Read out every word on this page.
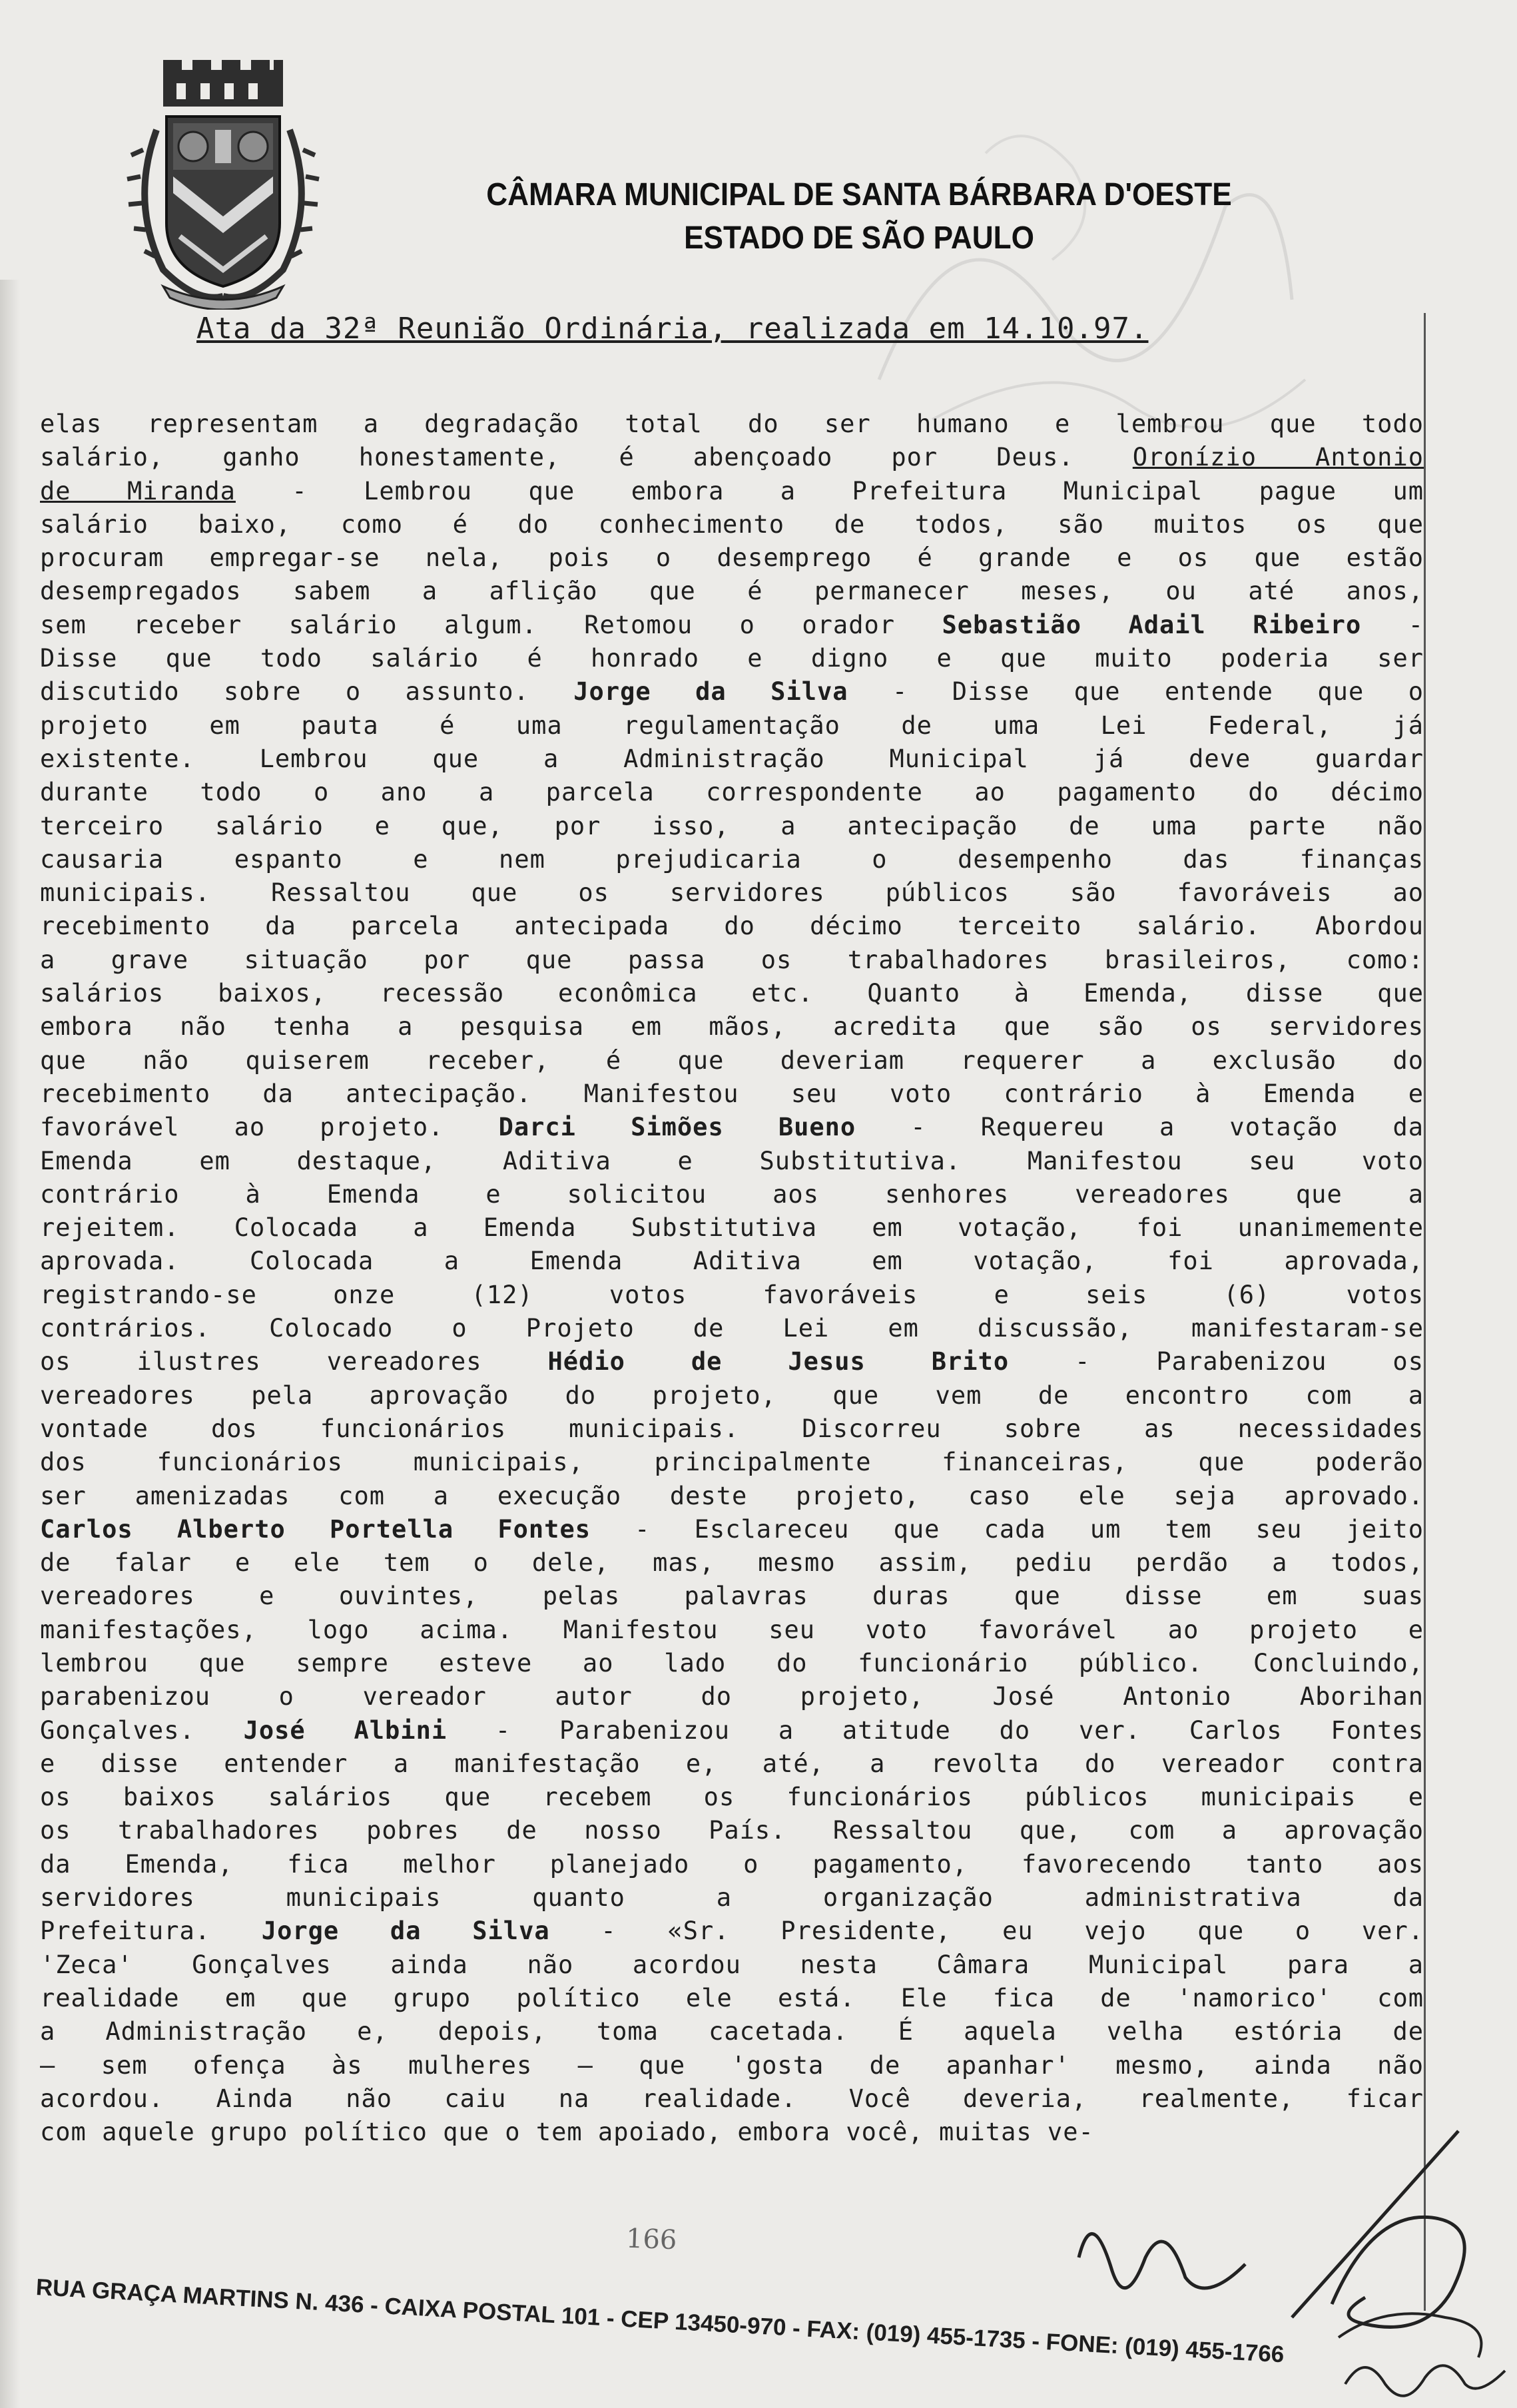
CÂMARA MUNICIPAL DE SANTA BÁRBARA D'OESTE
ESTADO DE SÃO PAULO
Ata da 32ª Reunião Ordinária, realizada em 14.10.97.
elas representam a degradação total do ser humano e lembrou que todo
salário, ganho honestamente, é abençoado por Deus. Oronízio Antonio
de Miranda - Lembrou que embora a Prefeitura Municipal pague um
salário baixo, como é do conhecimento de todos, são muitos os que
procuram empregar-se nela, pois o desemprego é grande e os que estão
desempregados sabem a aflição que é permanecer meses, ou até anos,
sem receber salário algum. Retomou o orador Sebastião Adail Ribeiro -
Disse que todo salário é honrado e digno e que muito poderia ser
discutido sobre o assunto. Jorge da Silva - Disse que entende que o
projeto em pauta é uma regulamentação de uma Lei Federal, já
existente. Lembrou que a Administração Municipal já deve guardar
durante todo o ano a parcela correspondente ao pagamento do décimo
terceiro salário e que, por isso, a antecipação de uma parte não
causaria espanto e nem prejudicaria o desempenho das finanças
municipais. Ressaltou que os servidores públicos são favoráveis ao
recebimento da parcela antecipada do décimo terceito salário. Abordou
a grave situação por que passa os trabalhadores brasileiros, como:
salários baixos, recessão econômica etc. Quanto à Emenda, disse que
embora não tenha a pesquisa em mãos, acredita que são os servidores
que não quiserem receber, é que deveriam requerer a exclusão do
recebimento da antecipação. Manifestou seu voto contrário à Emenda e
favorável ao projeto. Darci Simões Bueno - Requereu a votação da
Emenda em destaque, Aditiva e Substitutiva. Manifestou seu voto
contrário à Emenda e solicitou aos senhores vereadores que a
rejeitem. Colocada a Emenda Substitutiva em votação, foi unanimemente
aprovada. Colocada a Emenda Aditiva em votação, foi aprovada,
registrando-se onze (12) votos favoráveis e seis (6) votos
contrários. Colocado o Projeto de Lei em discussão, manifestaram-se
os ilustres vereadores Hédio de Jesus Brito - Parabenizou os
vereadores pela aprovação do projeto, que vem de encontro com a
vontade dos funcionários municipais. Discorreu sobre as necessidades
dos funcionários municipais, principalmente financeiras, que poderão
ser amenizadas com a execução deste projeto, caso ele seja aprovado.
Carlos Alberto Portella Fontes - Esclareceu que cada um tem seu jeito
de falar e ele tem o dele, mas, mesmo assim, pediu perdão a todos,
vereadores e ouvintes, pelas palavras duras que disse em suas
manifestações, logo acima. Manifestou seu voto favorável ao projeto e
lembrou que sempre esteve ao lado do funcionário público. Concluindo,
parabenizou o vereador autor do projeto, José Antonio Aborihan
Gonçalves. José Albini - Parabenizou a atitude do ver. Carlos Fontes
e disse entender a manifestação e, até, a revolta do vereador contra
os baixos salários que recebem os funcionários públicos municipais e
os trabalhadores pobres de nosso País. Ressaltou que, com a aprovação
da Emenda, fica melhor planejado o pagamento, favorecendo tanto aos
servidores municipais quanto a organização administrativa da
Prefeitura. Jorge da Silva - «Sr. Presidente, eu vejo que o ver.
'Zeca' Gonçalves ainda não acordou nesta Câmara Municipal para a
realidade em que grupo político ele está. Ele fica de 'namorico' com
a Administração e, depois, toma cacetada. É aquela velha estória de
— sem ofença às mulheres — que 'gosta de apanhar' mesmo, ainda não
acordou. Ainda não caiu na realidade. Você deveria, realmente, ficar
com aquele grupo político que o tem apoiado, embora você, muitas ve-
166
RUA GRAÇA MARTINS N. 436 - CAIXA POSTAL 101 - CEP 13450-970 - FAX: (019) 455-1735 - FONE: (019) 455-1766
